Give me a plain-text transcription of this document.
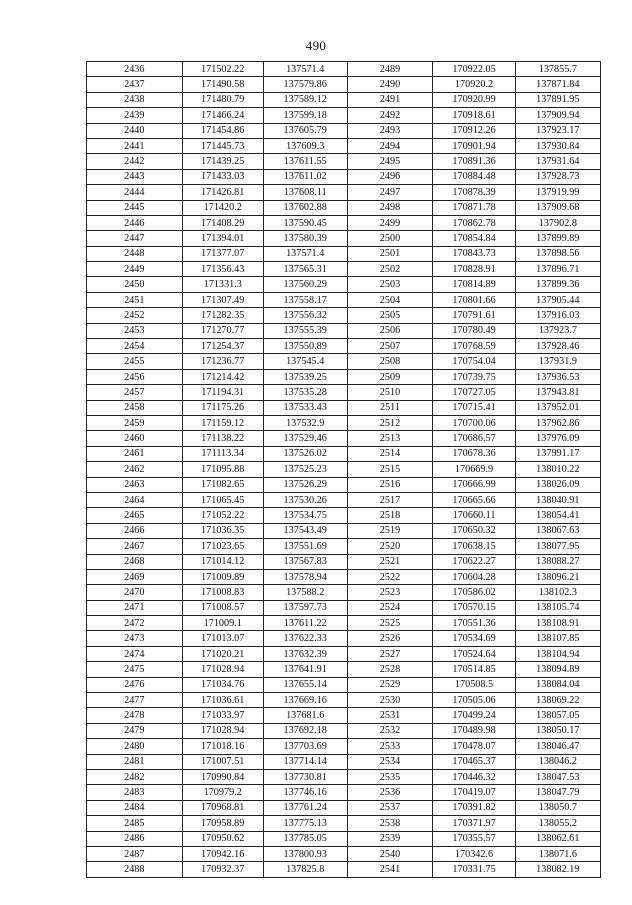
490
2436	171502.22	137571.4	2489	170922.05	137855.7
2437	171490.58	137579.86	2490	170920.2	137871.84
2438	171480.79	137589.12	2491	170920.99	137891.95
2439	171466.24	137599.18	2492	170918.61	137909.94
2440	171454.86	137605.79	2493	170912.26	137923.17
2441	171445.73	137609.3	2494	170901.94	137930.84
2442	171439.25	137611.55	2495	170891.36	137931.64
2443	171433.03	137611.02	2496	170884.48	137928.73
2444	171426.81	137608.11	2497	170878.39	137919.99
2445	171420.2	137602.88	2498	170871.78	137909.68
2446	171408.29	137590.45	2499	170862.78	137902.8
2447	171394.01	137580.39	2500	170854.84	137899.89
2448	171377.07	137571.4	2501	170843.73	137898.56
2449	171356.43	137565.31	2502	170828.91	137896.71
2450	171331.3	137560.29	2503	170814.89	137899.36
2451	171307.49	137558.17	2504	170801.66	137905.44
2452	171282.35	137556.32	2505	170791.61	137916.03
2453	171270.77	137555.39	2506	170780.49	137923.7
2454	171254.37	137550.89	2507	170768.59	137928.46
2455	171236.77	137545.4	2508	170754.04	137931.9
2456	171214.42	137539.25	2509	170739.75	137936.53
2457	171194.31	137535.28	2510	170727.05	137943.81
2458	171175.26	137533.43	2511	170715.41	137952.01
2459	171159.12	137532.9	2512	170700.06	137962.86
2460	171138.22	137529.46	2513	170686.57	137976.09
2461	171113.34	137526.02	2514	170678.36	137991.17
2462	171095.88	137525.23	2515	170669.9	138010.22
2463	171082.65	137526.29	2516	170666.99	138026.09
2464	171065.45	137530.26	2517	170665.66	138040.91
2465	171052.22	137534.75	2518	170660.11	138054.41
2466	171036.35	137543.49	2519	170650.32	138067.63
2467	171023.65	137551.69	2520	170638.15	138077.95
2468	171014.12	137567.83	2521	170622.27	138088.27
2469	171009.89	137578.94	2522	170604.28	138096.21
2470	171008.83	137588.2	2523	170586.02	138102.3
2471	171008.57	137597.73	2524	170570.15	138105.74
2472	171009.1	137611.22	2525	170551.36	138108.91
2473	171013.07	137622.33	2526	170534.69	138107.85
2474	171020.21	137632.39	2527	170524.64	138104.94
2475	171028.94	137641.91	2528	170514.85	138094.89
2476	171034.76	137655.14	2529	170508.5	138084.04
2477	171036.61	137669.16	2530	170505.06	138069.22
2478	171033.97	137681.6	2531	170499.24	138057.05
2479	171028.94	137692.18	2532	170489.98	138050.17
2480	171018.16	137703.69	2533	170478.07	138046.47
2481	171007.51	137714.14	2534	170465.37	138046.2
2482	170990.84	137730.81	2535	170446.32	138047.53
2483	170979.2	137746.16	2536	170419.07	138047.79
2484	170968.81	137761.24	2537	170391.82	138050.7
2485	170958.89	137775.13	2538	170371.97	138055.2
2486	170950.62	137785.05	2539	170355.57	138062.61
2487	170942.16	137800.93	2540	170342.6	138071.6
2488	170932.37	137825.8	2541	170331.75	138082.19
